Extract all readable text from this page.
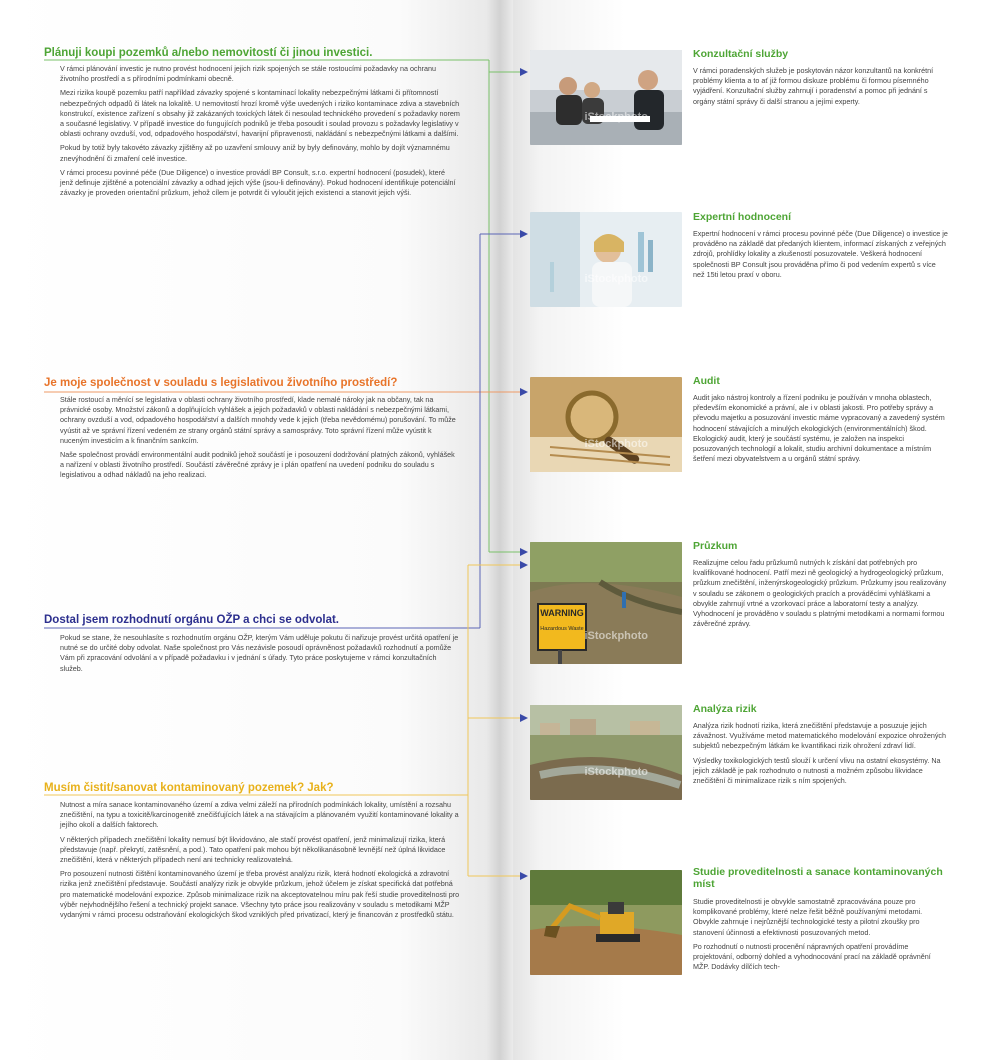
Plánuji koupi pozemků a/nebo nemovitostí či jinou investici.

V rámci plánování investic je nutno provést hodnocení jejich rizik spojených se stále rostoucími požadavky na ochranu životního prostředí a s přírodními podmínkami obecně.

Mezi rizika koupě pozemku patří například závazky spojené s kontaminací lokality nebezpečnými látkami či přítomností nebezpečných odpadů či látek na lokalitě. U nemovitostí hrozí kromě výše uvedených i riziko kontaminace zdiva a stavebních konstrukcí, existence zařízení s obsahy již zakázaných toxických látek či nesoulad technického provedení s požadavky norem a současné legislativy. V případě investice do fungujících podniků je třeba posoudit i soulad provozu s požadavky legislativy v oblasti ochrany ovzduší, vod, odpadového hospodářství, havarijní připravenosti, nakládání s nebezpečnými látkami a dalšími.

Pokud by totiž byly takovéto závazky zjištěny až po uzavření smlouvy aniž by byly definovány, mohlo by dojít významnému znevýhodnění či zmaření celé investice.

V rámci procesu povinné péče (Due Diligence) o investice provádí BP Consult, s.r.o. expertní hodnocení (posudek), které jenž definuje zjištěné a potenciální závazky a odhad jejich výše (jsou-li definovány). Pokud hodnocení identifikuje potenciální závazky je proveden orientační průzkum, jehož cílem je potvrdit či vyloučit jejich existenci a stanovit jejich výši.

Je moje společnost v souladu s legislativou životního prostředí?

Stále rostoucí a měnící se legislativa v oblasti ochrany životního prostředí, klade nemalé nároky jak na občany, tak na právnické osoby. Množství zákonů a doplňujících vyhlášek a jejich požadavků v oblasti nakládání s nebezpečnými látkami, ochrany ovzduší a vod, odpadového hospodářství a dalších mnohdy vede k jejich (třeba nevědomému) porušování. To může vyústit až ve správní řízení vedeném ze strany orgánů státní správy a samosprávy. Toto správní řízení může vyústit k nuceným investicím a k finančním sankcím.

Naše společnost provádí environmentální audit podniků jehož součástí je i posouzení dodržování platných zákonů, vyhlášek a nařízení v oblasti životního prostředí. Součástí závěrečné zprávy je i plán opatření na uvedení podniku do souladu s legislativou a odhad nákladů na jeho realizaci.

Dostal jsem rozhodnutí orgánu OŽP a chci se odvolat.

Pokud se stane, že nesouhlasíte s rozhodnutím orgánu OŽP, kterým Vám uděluje pokutu či nařizuje provést určitá opatření je nutné se do určité doby odvolat. Naše společnost pro Vás nezávisle posoudí oprávněnost požadavků rozhodnutí a pomůže Vám při zpracování odvolání a v případě požadavku i v jednání s úřady. Tyto práce poskytujeme v rámci konzultačních služeb.

Musím čistit/sanovat kontaminovaný pozemek? Jak?

Nutnost a míra sanace kontaminovaného území a zdiva velmi záleží na přírodních podmínkách lokality, umístění a rozsahu znečištění, na typu a toxicitě/karcinogenitě znečišťujících látek a na stávajícím a plánovaném využití kontaminované lokality a jejího okolí a dalších faktorech.

V některých případech znečištění lokality nemusí být likvidováno, ale stačí provést opatření, jenž minimalizují rizika, která představuje (např. překrytí, zatěsnění, a pod.). Tato opatření pak mohou být několikanásobně levnější než úplná likvidace znečištění, která v některých případech není ani technicky realizovatelná.

Pro posouzení nutnosti čištění kontaminovaného území je třeba provést analýzu rizik, která hodnotí ekologická a zdravotní rizika jenž znečištění představuje. Součástí analýzy rizik je obvykle průzkum, jehož účelem je získat specifická dat potřebná pro matematické modelování expozice. Způsob minimalizace rizik na akceptovatelnou míru pak řeší studie proveditelnosti pro výběr nejvhodnějšího řešení a technický projekt sanace. Všechny tyto práce jsou realizovány v souladu s metodikami MŽP vydanými v rámci procesu odstraňování ekologických škod vzniklých před privatizací, který je financován z prostředků státu.

iStockphoto
iStockphoto
iStockphoto
WARNING
Hazardous Waste
iStockphoto
iStockphoto
Konzultační služby

V rámci poradenských služeb je poskytován názor konzultantů na konkrétní problémy klienta a to ať již formou diskuze problému či formou písemného vyjádření. Konzultační služby zahrnují i poradenství a pomoc při jednání s orgány státní správy či další stranou a jejími experty.

Expertní hodnocení

Expertní hodnocení v rámci procesu povinné péče (Due Diligence) o investice je prováděno na základě dat předaných klientem, informací získaných z veřejných zdrojů, prohlídky lokality a zkušeností posuzovatele. Veškerá hodnocení společnosti BP Consult jsou prováděna přímo či pod vedením expertů s více než 15ti letou praxí v oboru.

Audit

Audit jako nástroj kontroly a řízení podniku je používán v mnoha oblastech, především ekonomické a právní, ale i v oblasti jakosti. Pro potřeby správy a převodu majetku a posuzování investic máme vypracovaný a zavedený systém hodnocení stávajících a minulých ekologických (environmentálních) škod. Ekologický audit, který je součástí systému, je založen na inspekci posuzovaných technologií a lokalit, studiu archivní dokumentace a místním šetření mezi obyvatelstvem a u orgánů státní správy.

Průzkum

Realizujme celou řadu průzkumů nutných k získání dat potřebných pro kvalifikované hodnocení. Patří mezi ně geologický a hydrogeologický průzkum, průzkum znečištění, inženýrskogeologický průzkum. Průzkumy jsou realizovány v souladu se zákonem o geologických pracích a prováděcími vyhláškami a obvykle zahrnují vrtné a vzorkovací práce a laboratorní testy a analýzy. Vyhodnocení je prováděno v souladu s platnými metodikami a normami formou závěrečné zprávy.

Analýza rizik

Analýza rizik hodnotí rizika, která znečištění představuje a posuzuje jejich závažnost. Využíváme metod matematického modelování expozice ohrožených subjektů nebezpečným látkám ke kvantifikaci rizik ohrožení zdraví lidí.

Výsledky toxikologických testů slouží k určení vlivu na ostatní ekosystémy. Na jejich základě je pak rozhodnuto o nutnosti a možném způsobu likvidace znečištění či minimalizace rizik s ním spojených.

Studie proveditelnosti a sanace kontaminovaných míst

Studie proveditelnosti je obvykle samostatně zpracovávána pouze pro komplikované problémy, které nelze řešit běžně používanými metodami. Obvykle zahrnuje i nejrůznější technologické testy a pilotní zkoušky pro stanovení účinnosti a efektivnosti posuzovaných metod.

Po rozhodnutí o nutnosti procenění nápravných opatření provádíme projektování, odborný dohled a vyhodnocování prací na základě oprávnění MŽP. Dodávky dílčích tech-
